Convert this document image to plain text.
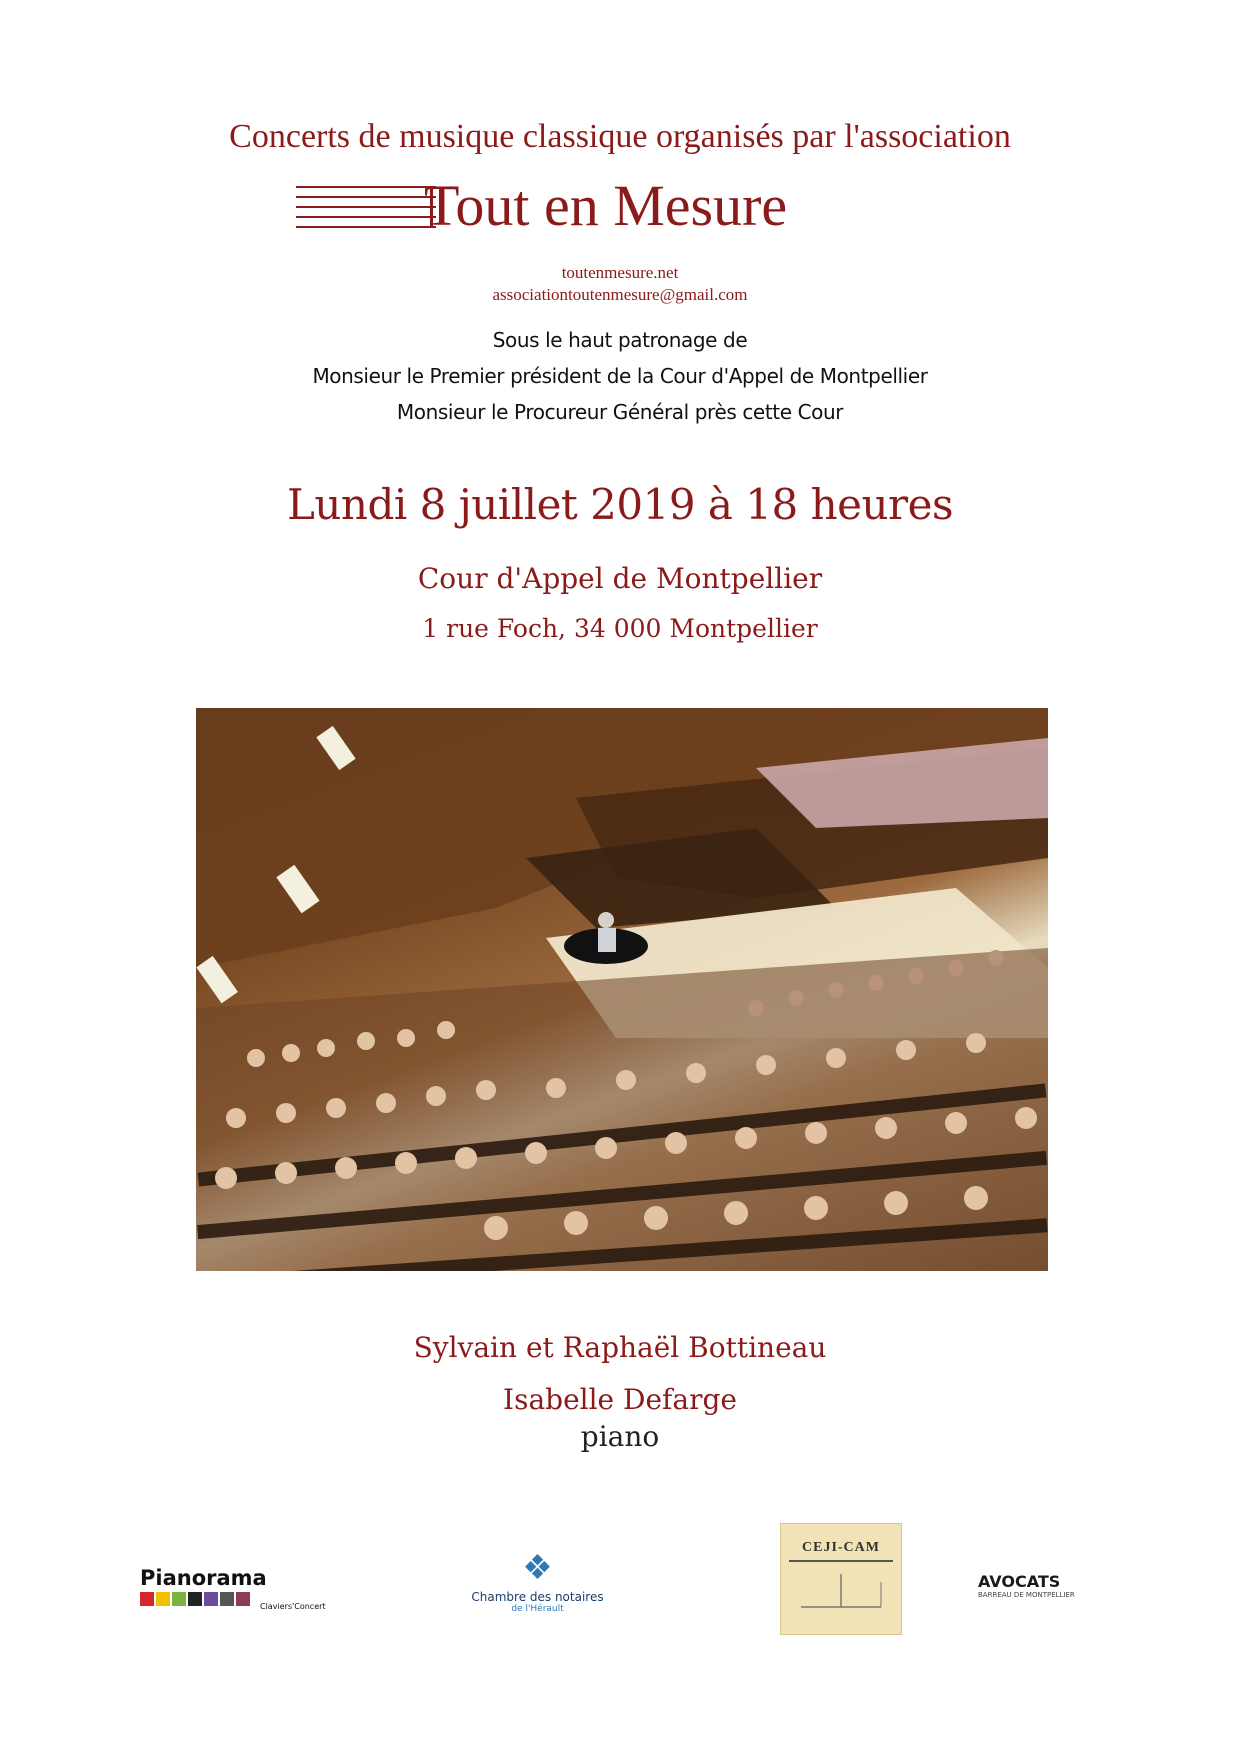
Concerts de musique classique organisés par l'association
Tout en Mesure
toutenmesure.net
associationtoutenmesure@gmail.com
Sous le haut patronage de
Monsieur le Premier président de la Cour d'Appel de Montpellier
Monsieur le Procureur Général près cette Cour
Lundi 8 juillet 2019 à 18 heures
Cour d'Appel de Montpellier
1 rue Foch, 34 000 Montpellier
Sylvain et Raphaël Bottineau
Isabelle Defarge
piano
Pianorama
Claviers'Concert
❖
Chambre des notaires
de l'Hérault
CEJI-CAM
AVOCATS
BARREAU DE MONTPELLIER
